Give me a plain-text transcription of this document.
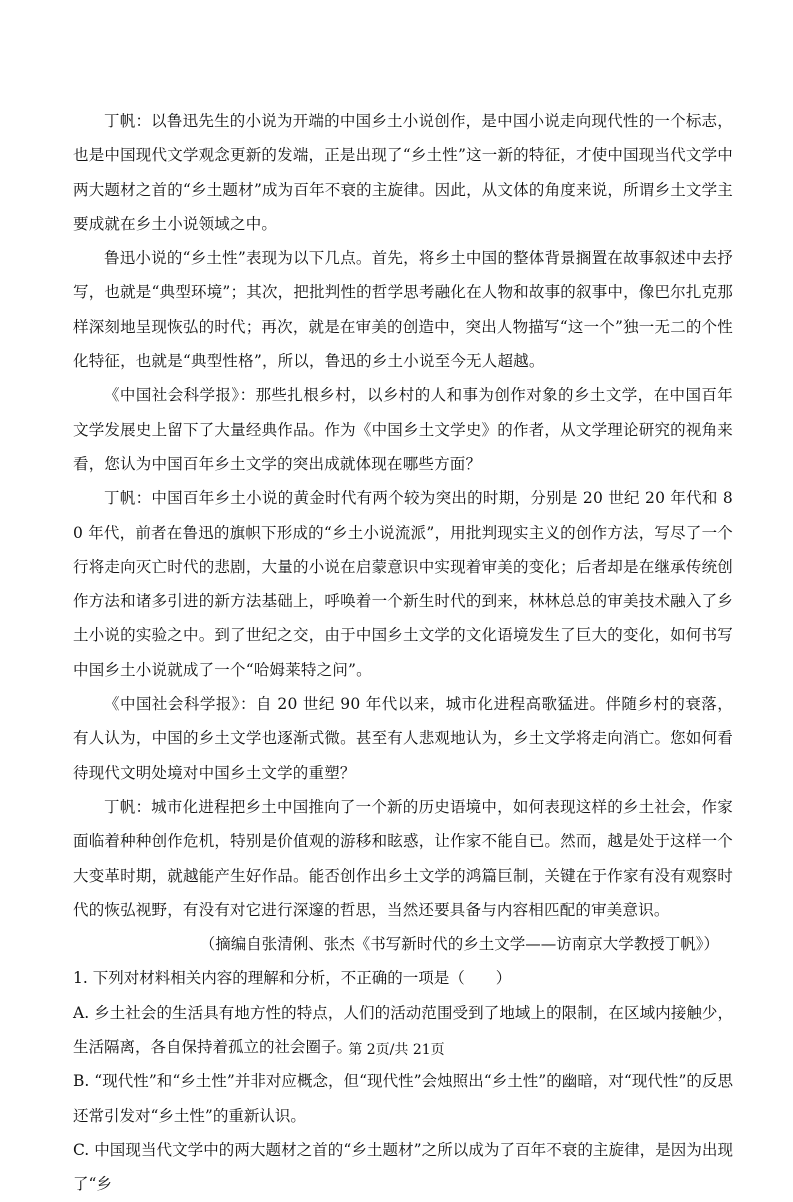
丁帆：以鲁迅先生的小说为开端的中国乡土小说创作，是中国小说走向现代性的一个标志，也是中国现代文学观念更新的发端，正是出现了“乡土性”这一新的特征，才使中国现当代文学中两大题材之首的“乡土题材”成为百年不衰的主旋律。因此，从文体的角度来说，所谓乡土文学主要成就在乡土小说领域之中。

鲁迅小说的“乡土性”表现为以下几点。首先，将乡土中国的整体背景搁置在故事叙述中去抒写，也就是“典型环境”；其次，把批判性的哲学思考融化在人物和故事的叙事中，像巴尔扎克那样深刻地呈现恢弘的时代；再次，就是在审美的创造中，突出人物描写“这一个”独一无二的个性化特征，也就是“典型性格”，所以，鲁迅的乡土小说至今无人超越。

《中国社会科学报》：那些扎根乡村，以乡村的人和事为创作对象的乡土文学，在中国百年文学发展史上留下了大量经典作品。作为《中国乡土文学史》的作者，从文学理论研究的视角来看，您认为中国百年乡土文学的突出成就体现在哪些方面？

丁帆：中国百年乡土小说的黄金时代有两个较为突出的时期，分别是 20 世纪 20 年代和 80 年代，前者在鲁迅的旗帜下形成的“乡土小说流派”，用批判现实主义的创作方法，写尽了一个行将走向灭亡时代的悲剧，大量的小说在启蒙意识中实现着审美的变化；后者却是在继承传统创作方法和诸多引进的新方法基础上，呼唤着一个新生时代的到来，林林总总的审美技术融入了乡土小说的实验之中。到了世纪之交，由于中国乡土文学的文化语境发生了巨大的变化，如何书写中国乡土小说就成了一个“哈姆莱特之问”。

《中国社会科学报》：自 20 世纪 90 年代以来，城市化进程高歌猛进。伴随乡村的衰落，有人认为，中国的乡土文学也逐渐式微。甚至有人悲观地认为，乡土文学将走向消亡。您如何看待现代文明处境对中国乡土文学的重塑？

丁帆：城市化进程把乡土中国推向了一个新的历史语境中，如何表现这样的乡土社会，作家面临着种种创作危机，特别是价值观的游移和眩惑，让作家不能自已。然而，越是处于这样一个大变革时期，就越能产生好作品。能否创作出乡土文学的鸿篇巨制，关键在于作家有没有观察时代的恢弘视野，有没有对它进行深邃的哲思，当然还要具备与内容相匹配的审美意识。

（摘编自张清俐、张杰《书写新时代的乡土文学——访南京大学教授丁帆》）

1. 下列对材料相关内容的理解和分析，不正确的一项是（　　）

A. 乡土社会的生活具有地方性的特点，人们的活动范围受到了地域上的限制，在区域内接触少，生活隔离，各自保持着孤立的社会圈子。

B. “现代性”和“乡土性”并非对应概念，但“现代性”会烛照出“乡土性”的幽暗，对“现代性”的反思还常引发对“乡土性”的重新认识。

C. 中国现当代文学中的两大题材之首的“乡土题材”之所以成为了百年不衰的主旋律，是因为出现了“乡

第 2页/共 21页
